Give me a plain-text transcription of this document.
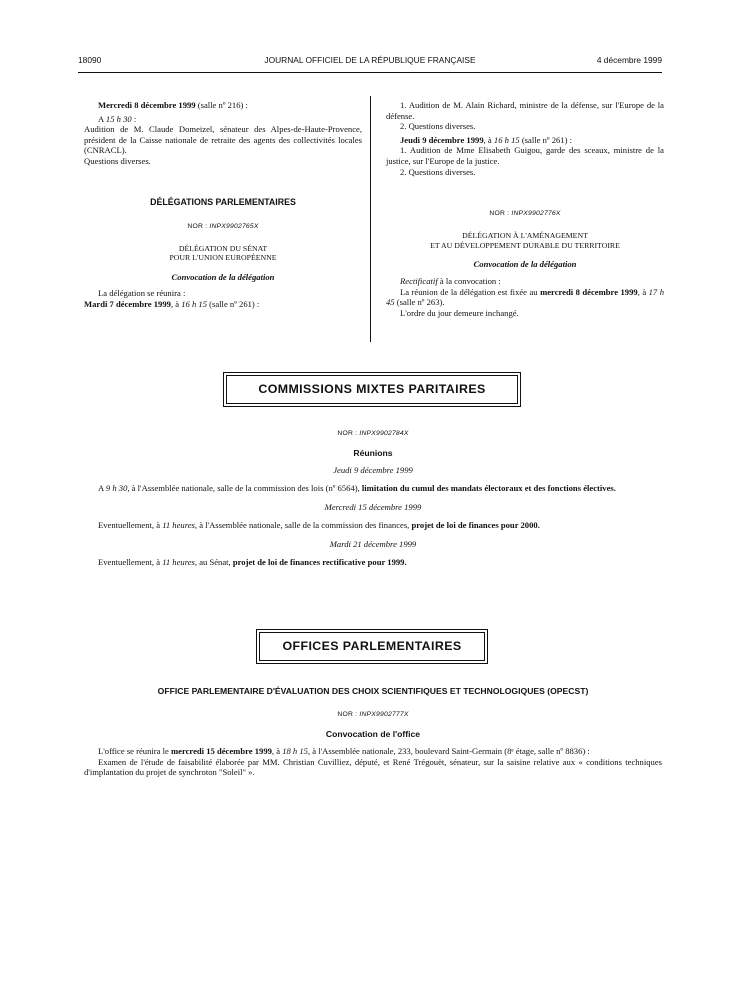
18090	JOURNAL OFFICIEL DE LA RÉPUBLIQUE FRANÇAISE	4 décembre 1999

Mercredi 8 décembre 1999 (salle nº 216) :

A 15 h 30 :

Audition de M. Claude Domeizel, sénateur des Alpes-de-Haute-Provence, président de la Caisse nationale de retraite des agents des collectivités locales (CNRACL).

Questions diverses.

DÉLÉGATIONS PARLEMENTAIRES

NOR : INPX9902765X

DÉLÉGATION DU SÉNAT

POUR L'UNION EUROPÉENNE

Convocation de la délégation

La délégation se réunira :

Mardi 7 décembre 1999, à 16 h 15 (salle nº 261) :

1. Audition de M. Alain Richard, ministre de la défense, sur l'Europe de la défense.

2. Questions diverses.

Jeudi 9 décembre 1999, à 16 h 15 (salle nº 261) :

1. Audition de Mme Elisabeth Guigou, garde des sceaux, ministre de la justice, sur l'Europe de la justice.

2. Questions diverses.

NOR : INPX9902776X

DÉLÉGATION À L'AMÉNAGEMENT

ET AU DÉVELOPPEMENT DURABLE DU TERRITOIRE

Convocation de la délégation

Rectificatif à la convocation :

La réunion de la délégation est fixée au mercredi 8 décembre 1999, à 17 h 45 (salle nº 263).

L'ordre du jour demeure inchangé.

COMMISSIONS MIXTES PARITAIRES

NOR : INPX9902784X

Réunions

Jeudi 9 décembre 1999

A 9 h 30, à l'Assemblée nationale, salle de la commission des lois (nº 6564), limitation du cumul des mandats électoraux et des fonctions électives.

Mercredi 15 décembre 1999

Eventuellement, à 11 heures, à l'Assemblée nationale, salle de la commission des finances, projet de loi de finances pour 2000.

Mardi 21 décembre 1999

Eventuellement, à 11 heures, au Sénat, projet de loi de finances rectificative pour 1999.

OFFICES PARLEMENTAIRES

OFFICE PARLEMENTAIRE D'ÉVALUATION DES CHOIX SCIENTIFIQUES ET TECHNOLOGIQUES (OPECST)

NOR : INPX9902777X

Convocation de l'office

L'office se réunira le mercredi 15 décembre 1999, à 18 h 15, à l'Assemblée nationale, 233, boulevard Saint-Germain (8ᵉ étage, salle nº 8836) :

Examen de l'étude de faisabilité élaborée par MM. Christian Cuvilliez, député, et René Trégouët, sénateur, sur la saisine relative aux « conditions techniques d'implantation du projet de synchroton "Soleil" ».
